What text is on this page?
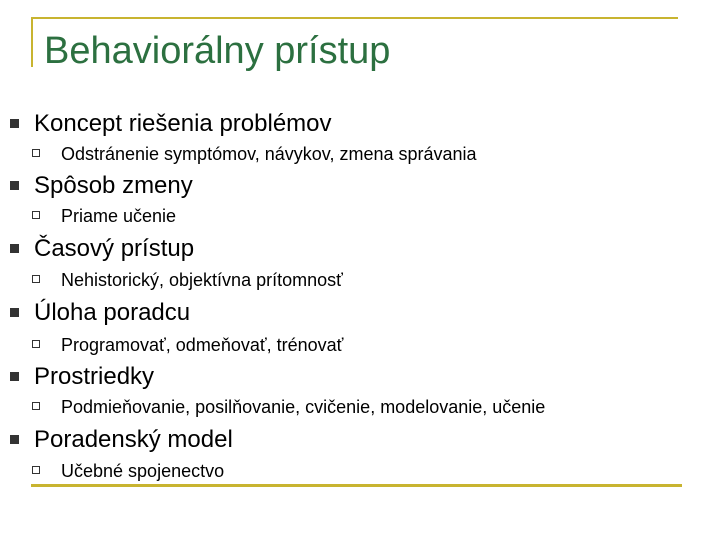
Behaviorálny prístup
Koncept riešenia problémov
Odstránenie symptómov, návykov, zmena správania
Spôsob zmeny
Priame učenie
Časový prístup
Nehistorický, objektívna prítomnosť
Úloha poradcu
Programovať, odmeňovať, trénovať
Prostriedky
Podmieňovanie, posilňovanie, cvičenie, modelovanie, učenie
Poradenský model
Učebné spojenectvo
